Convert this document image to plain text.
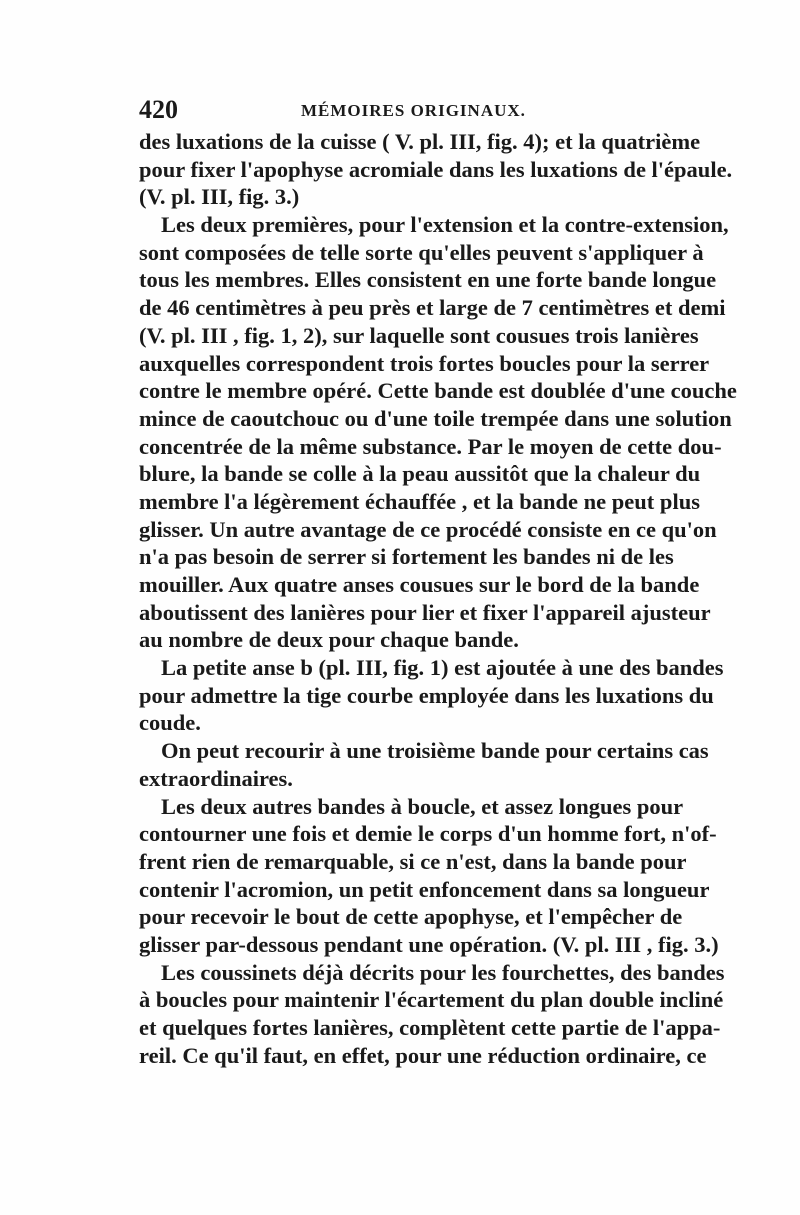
420	MÉMOIRES ORIGINAUX.
des luxations de la cuisse ( V. pl. III, fig. 4); et la quatrième
pour fixer l'apophyse acromiale dans les luxations de l'épaule.
(V. pl. III, fig. 3.)
Les deux premières, pour l'extension et la contre-extension,
sont composées de telle sorte qu'elles peuvent s'appliquer à
tous les membres. Elles consistent en une forte bande longue
de 46 centimètres à peu près et large de 7 centimètres et demi
(V. pl. III , fig. 1, 2), sur laquelle sont cousues trois lanières
auxquelles correspondent trois fortes boucles pour la serrer
contre le membre opéré. Cette bande est doublée d'une couche
mince de caoutchouc ou d'une toile trempée dans une solution
concentrée de la même substance. Par le moyen de cette dou-
blure, la bande se colle à la peau aussitôt que la chaleur du
membre l'a légèrement échauffée , et la bande ne peut plus
glisser. Un autre avantage de ce procédé consiste en ce qu'on
n'a pas besoin de serrer si fortement les bandes ni de les
mouiller. Aux quatre anses cousues sur le bord de la bande
aboutissent des lanières pour lier et fixer l'appareil ajusteur
au nombre de deux pour chaque bande.
La petite anse b (pl. III, fig. 1) est ajoutée à une des bandes
pour admettre la tige courbe employée dans les luxations du
coude.
On peut recourir à une troisième bande pour certains cas
extraordinaires.
Les deux autres bandes à boucle, et assez longues pour
contourner une fois et demie le corps d'un homme fort, n'of-
frent rien de remarquable, si ce n'est, dans la bande pour
contenir l'acromion, un petit enfoncement dans sa longueur
pour recevoir le bout de cette apophyse, et l'empêcher de
glisser par-dessous pendant une opération. (V. pl. III , fig. 3.)
Les coussinets déjà décrits pour les fourchettes, des bandes
à boucles pour maintenir l'écartement du plan double incliné
et quelques fortes lanières, complètent cette partie de l'appa-
reil. Ce qu'il faut, en effet, pour une réduction ordinaire, ce
